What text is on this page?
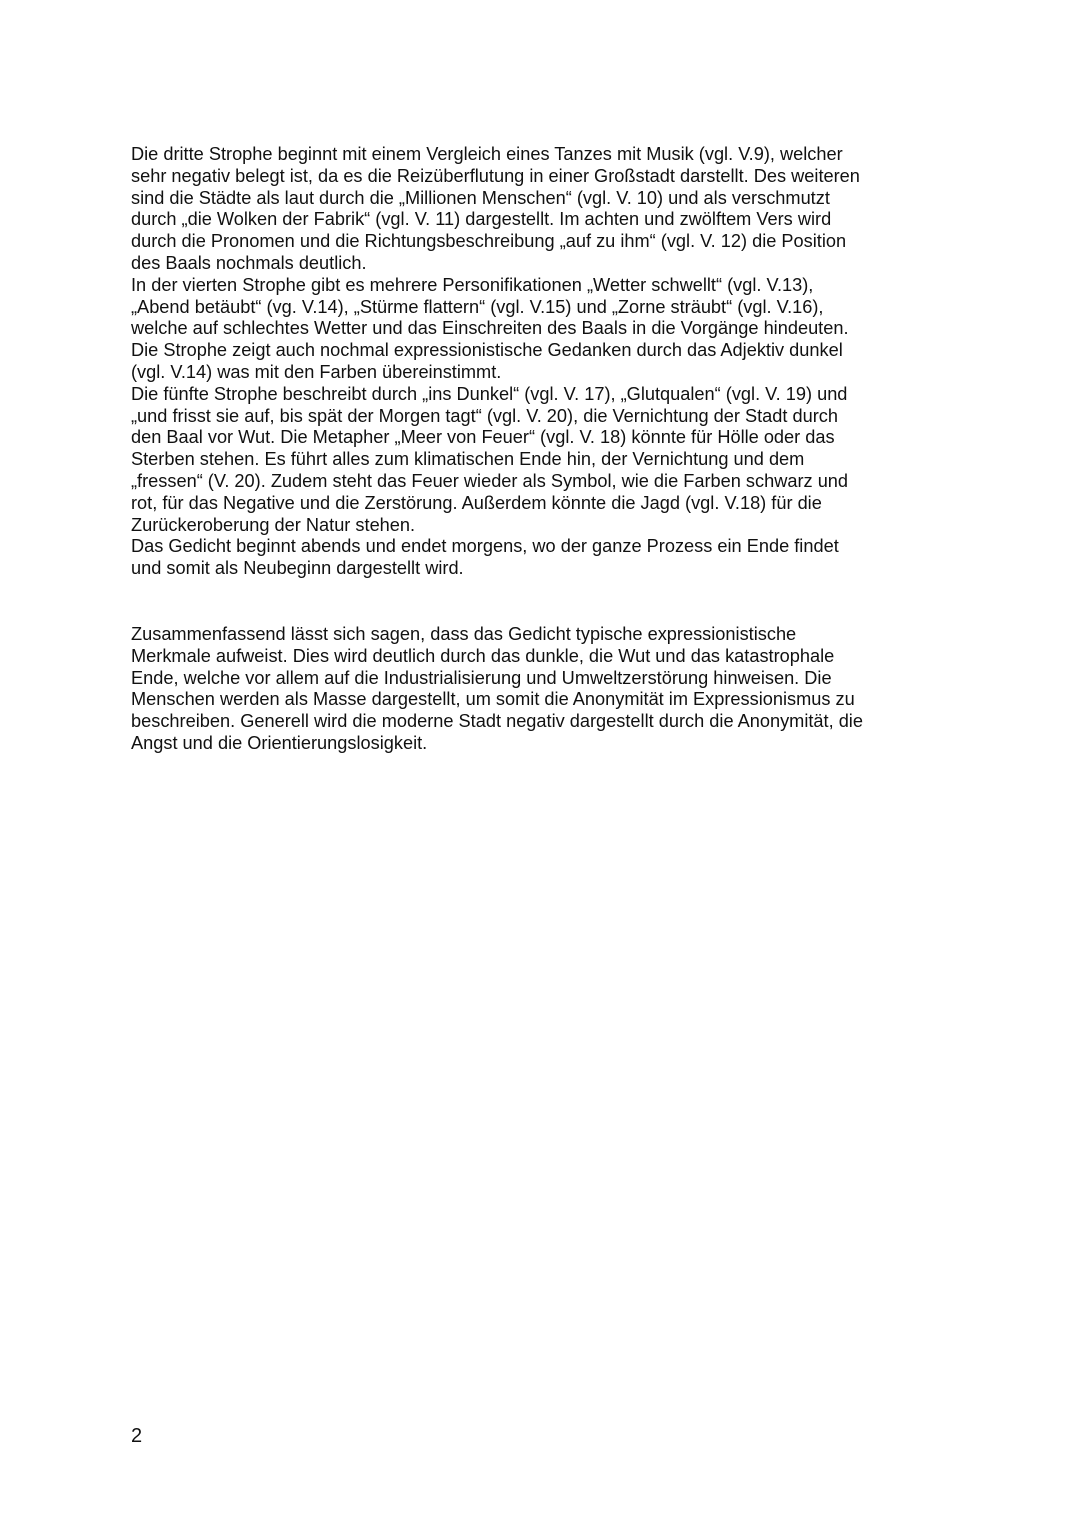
Die dritte Strophe beginnt mit einem Vergleich eines Tanzes mit Musik (vgl. V.9), welcher
sehr negativ belegt ist, da es die Reizüberflutung in einer Großstadt darstellt. Des weiteren
sind die Städte als laut durch die „Millionen Menschen“ (vgl. V. 10) und als verschmutzt
durch „die Wolken der Fabrik“ (vgl. V. 11) dargestellt. Im achten und zwölftem Vers wird
durch die Pronomen und die Richtungsbeschreibung „auf zu ihm“ (vgl. V. 12) die Position
des Baals nochmals deutlich.
In der vierten Strophe gibt es mehrere Personifikationen „Wetter schwellt“ (vgl. V.13),
„Abend betäubt“ (vg. V.14), „Stürme flattern“ (vgl. V.15) und „Zorne sträubt“ (vgl. V.16),
welche auf schlechtes Wetter und das Einschreiten des Baals in die Vorgänge hindeuten.
Die Strophe zeigt auch nochmal expressionistische Gedanken durch das Adjektiv dunkel
(vgl. V.14) was mit den Farben übereinstimmt.
Die fünfte Strophe beschreibt durch „ins Dunkel“ (vgl. V. 17), „Glutqualen“ (vgl. V. 19) und
„und frisst sie auf, bis spät der Morgen tagt“ (vgl. V. 20), die Vernichtung der Stadt durch
den Baal vor Wut. Die Metapher „Meer von Feuer“ (vgl. V. 18) könnte für Hölle oder das
Sterben stehen. Es führt alles zum klimatischen Ende hin, der Vernichtung und dem
„fressen“ (V. 20). Zudem steht das Feuer wieder als Symbol, wie die Farben schwarz und
rot, für das Negative und die Zerstörung. Außerdem könnte die Jagd (vgl. V.18) für die
Zurückeroberung der Natur stehen.
Das Gedicht beginnt abends und endet morgens, wo der ganze Prozess ein Ende findet
und somit als Neubeginn dargestellt wird.
Zusammenfassend lässt sich sagen, dass das Gedicht typische expressionistische
Merkmale aufweist. Dies wird deutlich durch das dunkle, die Wut und das katastrophale
Ende, welche vor allem auf die Industrialisierung und Umweltzerstörung hinweisen. Die
Menschen werden als Masse dargestellt, um somit die Anonymität im Expressionismus zu
beschreiben. Generell wird die moderne Stadt negativ dargestellt durch die Anonymität, die
Angst und die Orientierungslosigkeit.
2
